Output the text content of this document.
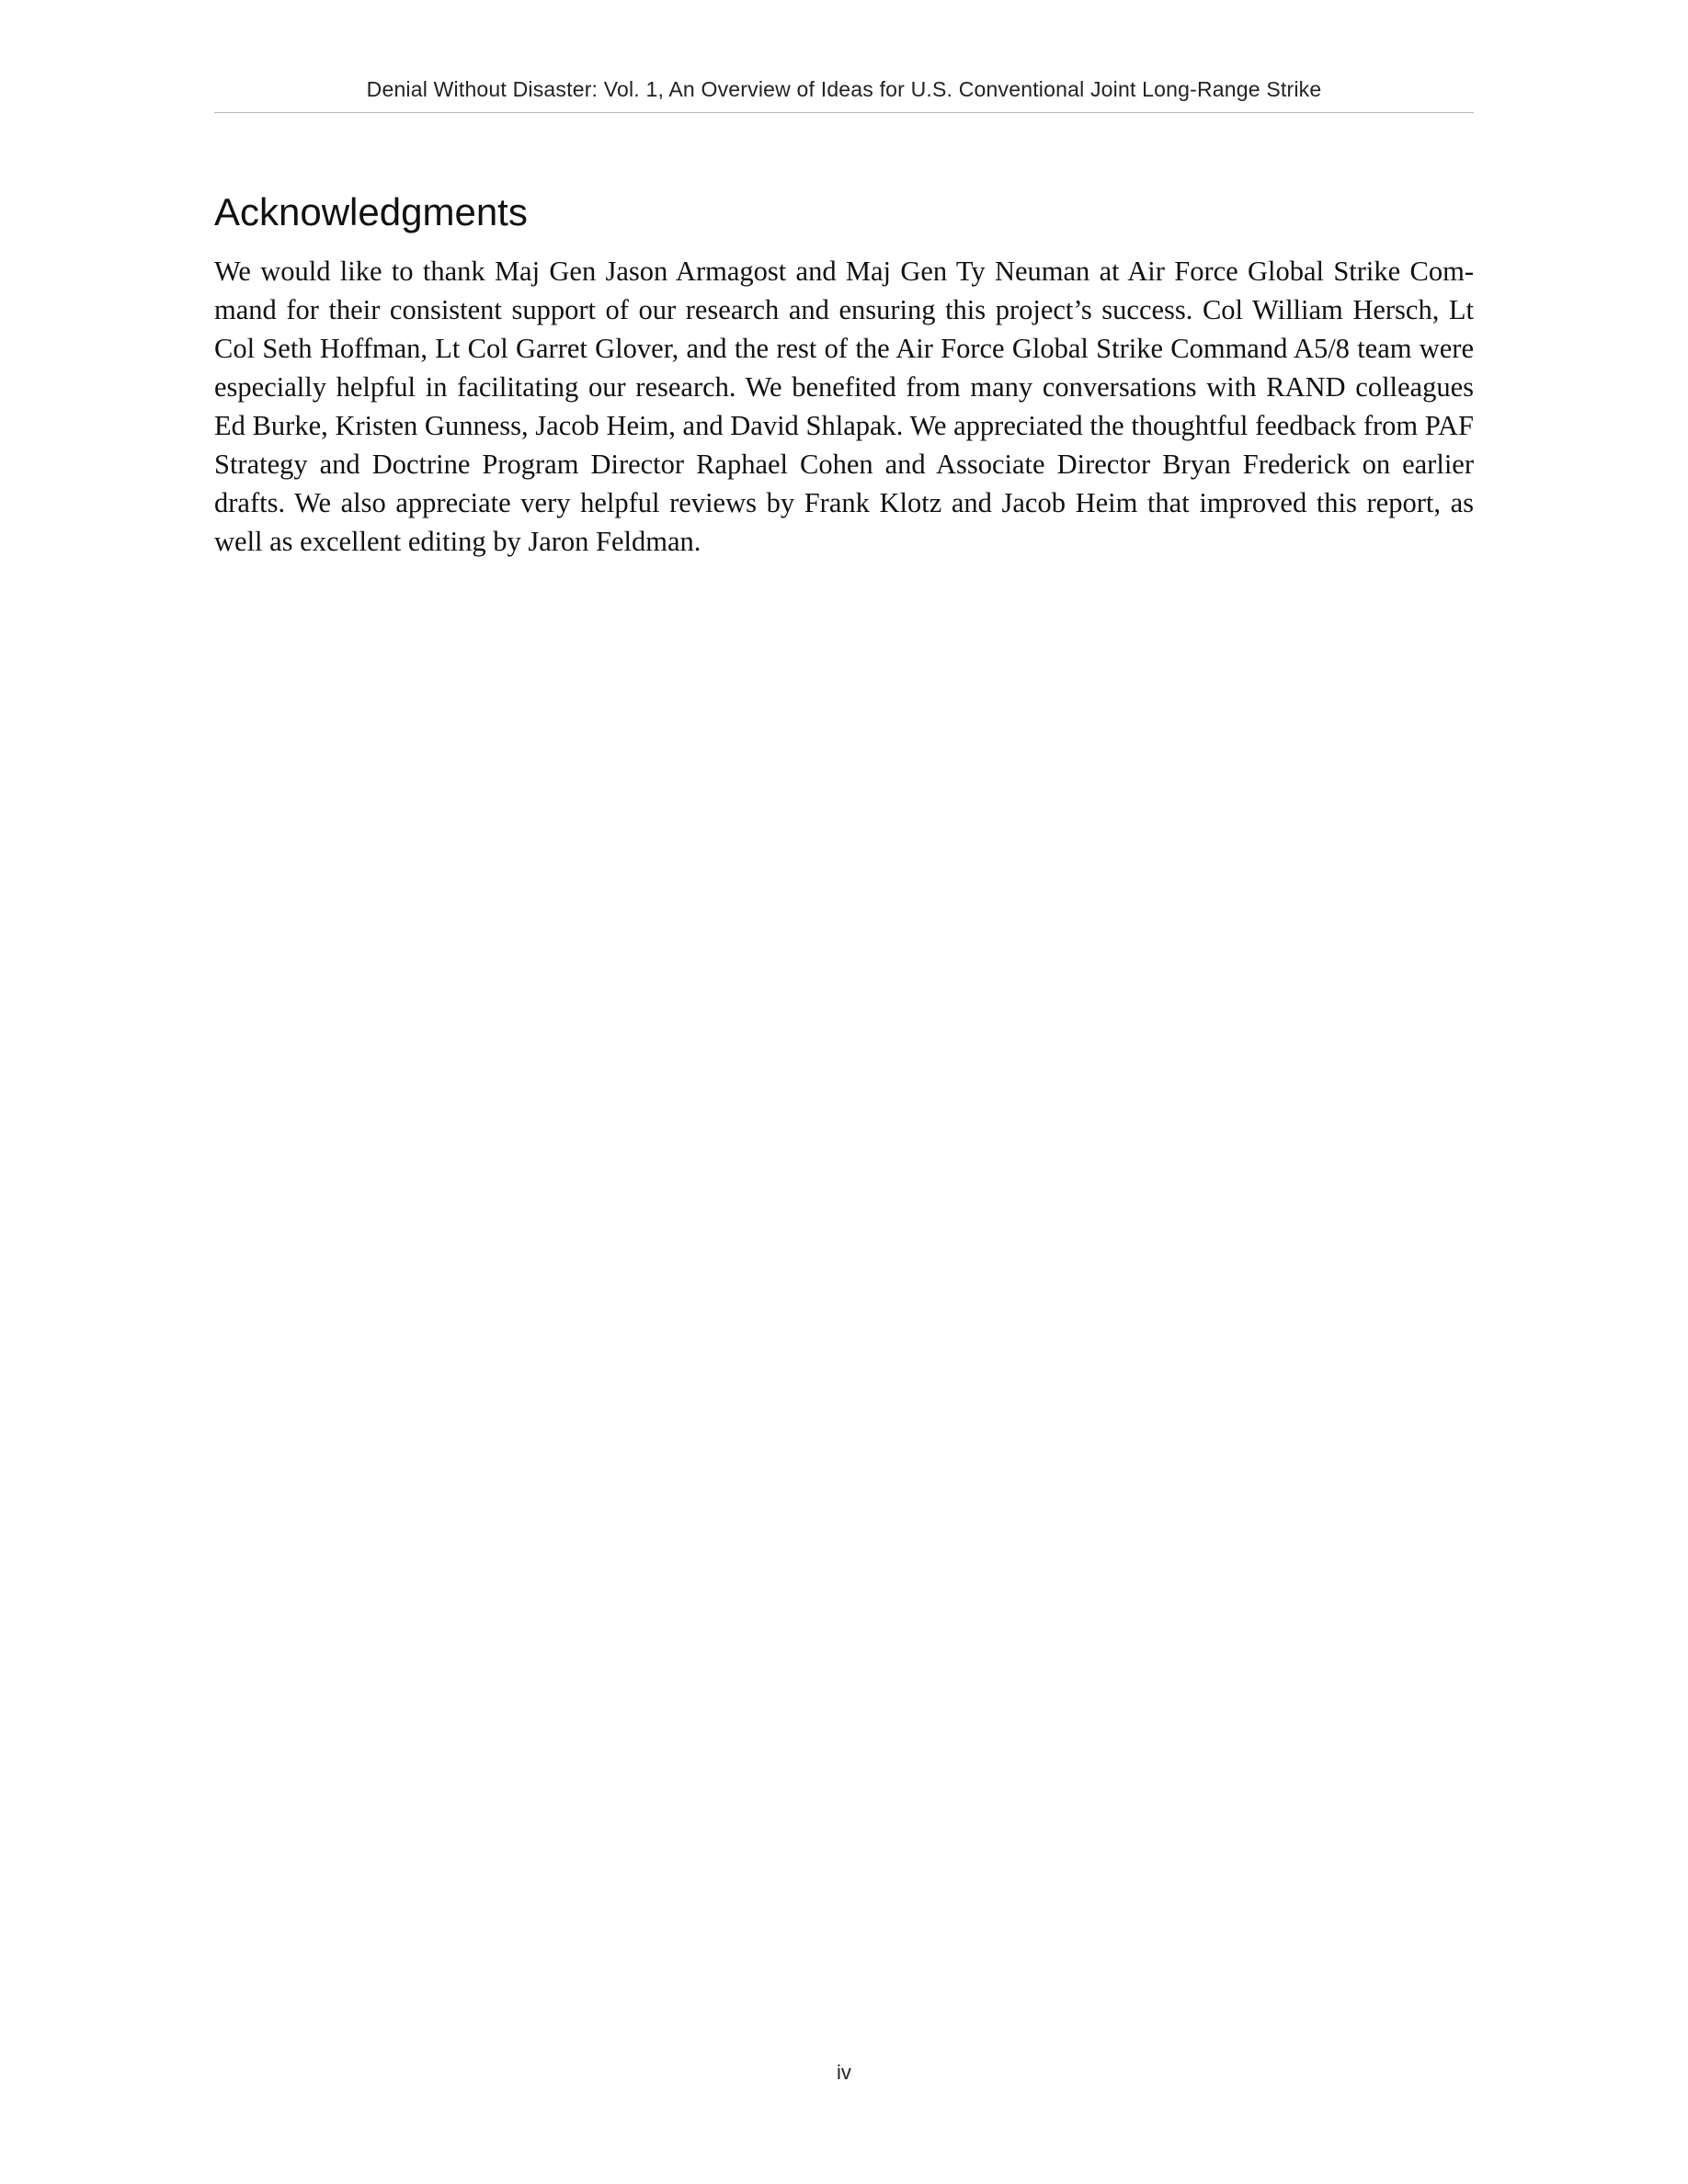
Denial Without Disaster: Vol. 1, An Overview of Ideas for U.S. Conventional Joint Long-Range Strike
Acknowledgments

We would like to thank Maj Gen Jason Armagost and Maj Gen Ty Neuman at Air Force Global Strike Command for their consistent support of our research and ensuring this project’s success. Col William Hersch, Lt Col Seth Hoffman, Lt Col Garret Glover, and the rest of the Air Force Global Strike Command A5/8 team were especially helpful in facilitating our research. We benefited from many conversations with RAND colleagues Ed Burke, Kristen Gunness, Jacob Heim, and David Shlapak. We appreciated the thoughtful feedback from PAF Strategy and Doctrine Program Director Raphael Cohen and Associate Director Bryan Frederick on earlier drafts. We also appreciate very helpful reviews by Frank Klotz and Jacob Heim that improved this report, as well as excellent editing by Jaron Feldman.

iv
